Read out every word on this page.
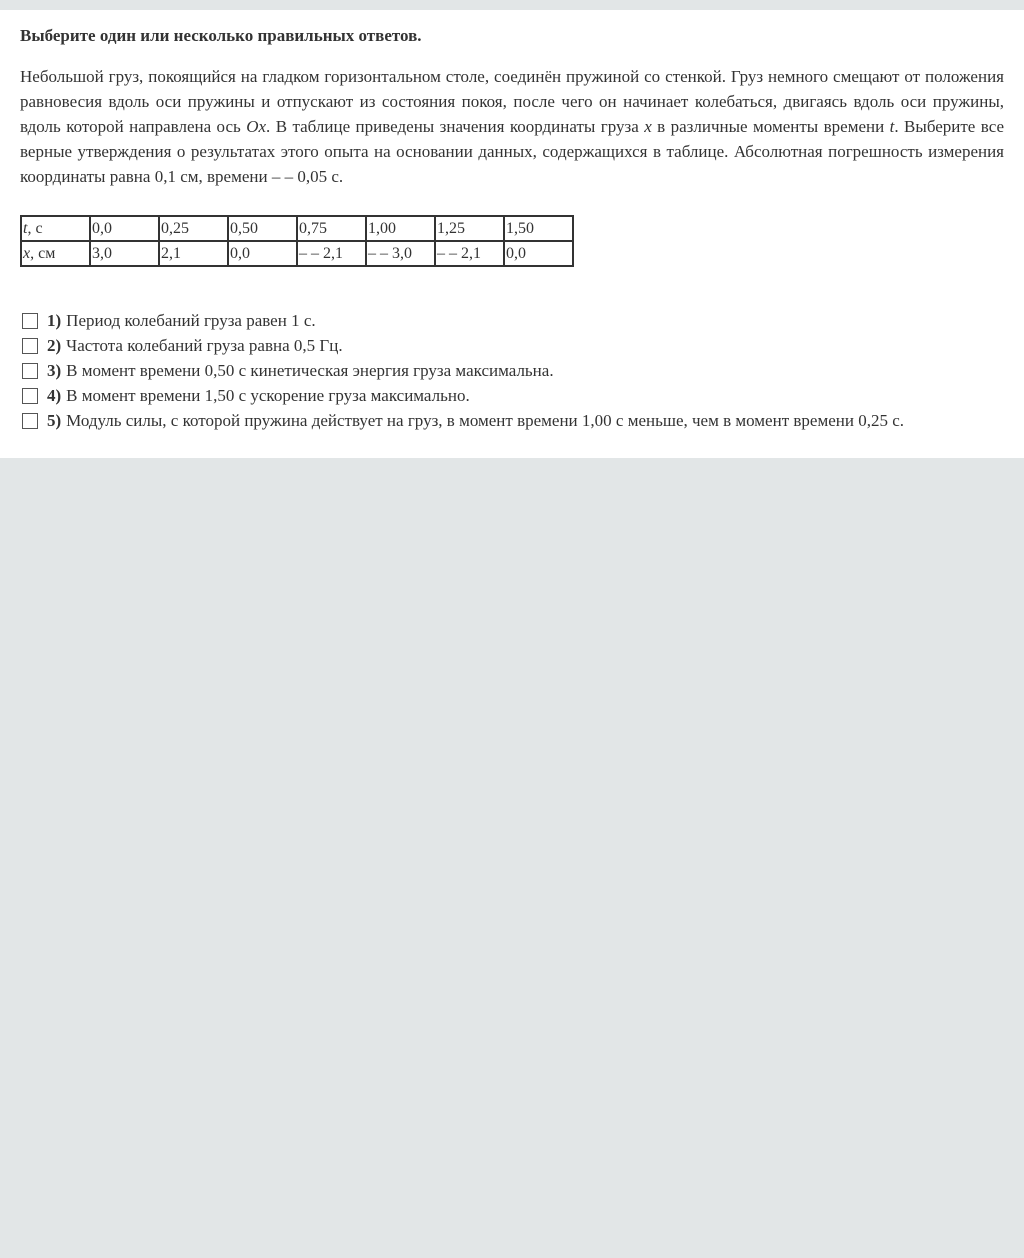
Выберите один или несколько правильных ответов.

Небольшой груз, покоящийся на гладком горизонтальном столе, соединён пружиной со стенкой. Груз немного смещают от положения равновесия вдоль оси пружины и отпускают из состояния покоя, после чего он начинает колебаться, двигаясь вдоль оси пружины, вдоль которой направлена ось Ox. В таблице приведены значения координаты груза x в различные моменты времени t. Выберите все верные утверждения о результатах этого опыта на основании данных, содержащихся в таблице. Абсолютная погрешность измерения координаты равна 0,1 см, времени – – 0,05 с.

t, с	0,0	0,25	0,50	0,75	1,00	1,25	1,50
x, см	3,0	2,1	0,0	– – 2,1	– – 3,0	– – 2,1	0,0
1) Период колебаний груза равен 1 с.
2) Частота колебаний груза равна 0,5 Гц.
3) В момент времени 0,50 с кинетическая энергия груза максимальна.
4) В момент времени 1,50 с ускорение груза максимально.
5) Модуль силы, с которой пружина действует на груз, в момент времени 1,00 с меньше, чем в момент времени 0,25 с.
